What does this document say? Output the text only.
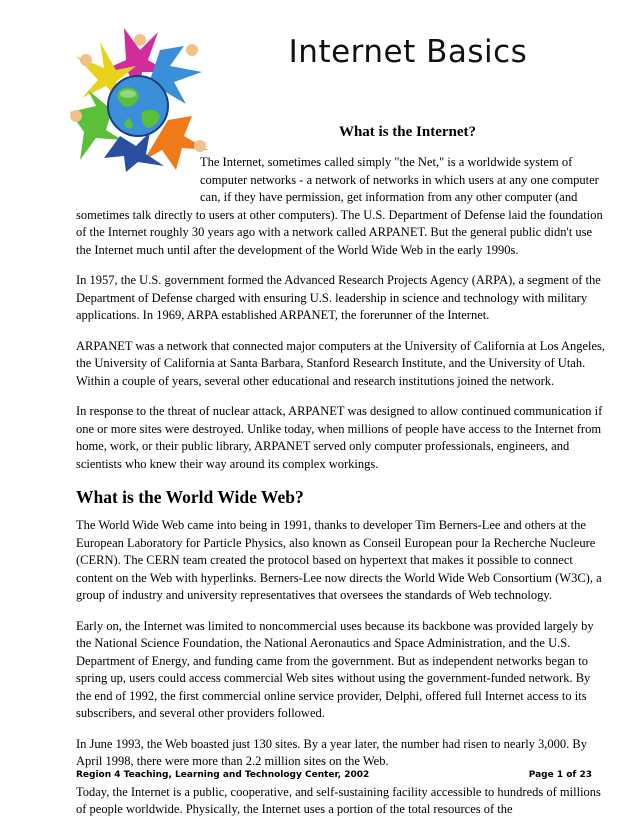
Internet Basics
What is the Internet?

The Internet, sometimes called simply "the Net," is a worldwide system of computer networks - a network of networks in which users at any one computer can, if they have permission, get information from any other computer (and sometimes talk directly to users at other computers). The U.S. Department of Defense laid the foundation of the Internet roughly 30 years ago with a network called ARPANET. But the general public didn't use the Internet much until after the development of the World Wide Web in the early 1990s.

In 1957, the U.S. government formed the Advanced Research Projects Agency (ARPA), a segment of the Department of Defense charged with ensuring U.S. leadership in science and technology with military applications. In 1969, ARPA established ARPANET, the forerunner of the Internet.

ARPANET was a network that connected major computers at the University of California at Los Angeles, the University of California at Santa Barbara, Stanford Research Institute, and the University of Utah. Within a couple of years, several other educational and research institutions joined the network.

In response to the threat of nuclear attack, ARPANET was designed to allow continued communication if one or more sites were destroyed. Unlike today, when millions of people have access to the Internet from home, work, or their public library, ARPANET served only computer professionals, engineers, and scientists who knew their way around its complex workings.

What is the World Wide Web?

The World Wide Web came into being in 1991, thanks to developer Tim Berners-Lee and others at the European Laboratory for Particle Physics, also known as Conseil European pour la Recherche Nucleure (CERN). The CERN team created the protocol based on hypertext that makes it possible to connect content on the Web with hyperlinks. Berners-Lee now directs the World Wide Web Consortium (W3C), a group of industry and university representatives that oversees the standards of Web technology.

Early on, the Internet was limited to noncommercial uses because its backbone was provided largely by the National Science Foundation, the National Aeronautics and Space Administration, and the U.S. Department of Energy, and funding came from the government. But as independent networks began to spring up, users could access commercial Web sites without using the government-funded network. By the end of 1992, the first commercial online service provider, Delphi, offered full Internet access to its subscribers, and several other providers followed.

In June 1993, the Web boasted just 130 sites. By a year later, the number had risen to nearly 3,000. By April 1998, there were more than 2.2 million sites on the Web.

Today, the Internet is a public, cooperative, and self-sustaining facility accessible to hundreds of millions of people worldwide. Physically, the Internet uses a portion of the total resources of the

Region 4 Teaching, Learning and Technology Center, 2002	Page 1 of 23
